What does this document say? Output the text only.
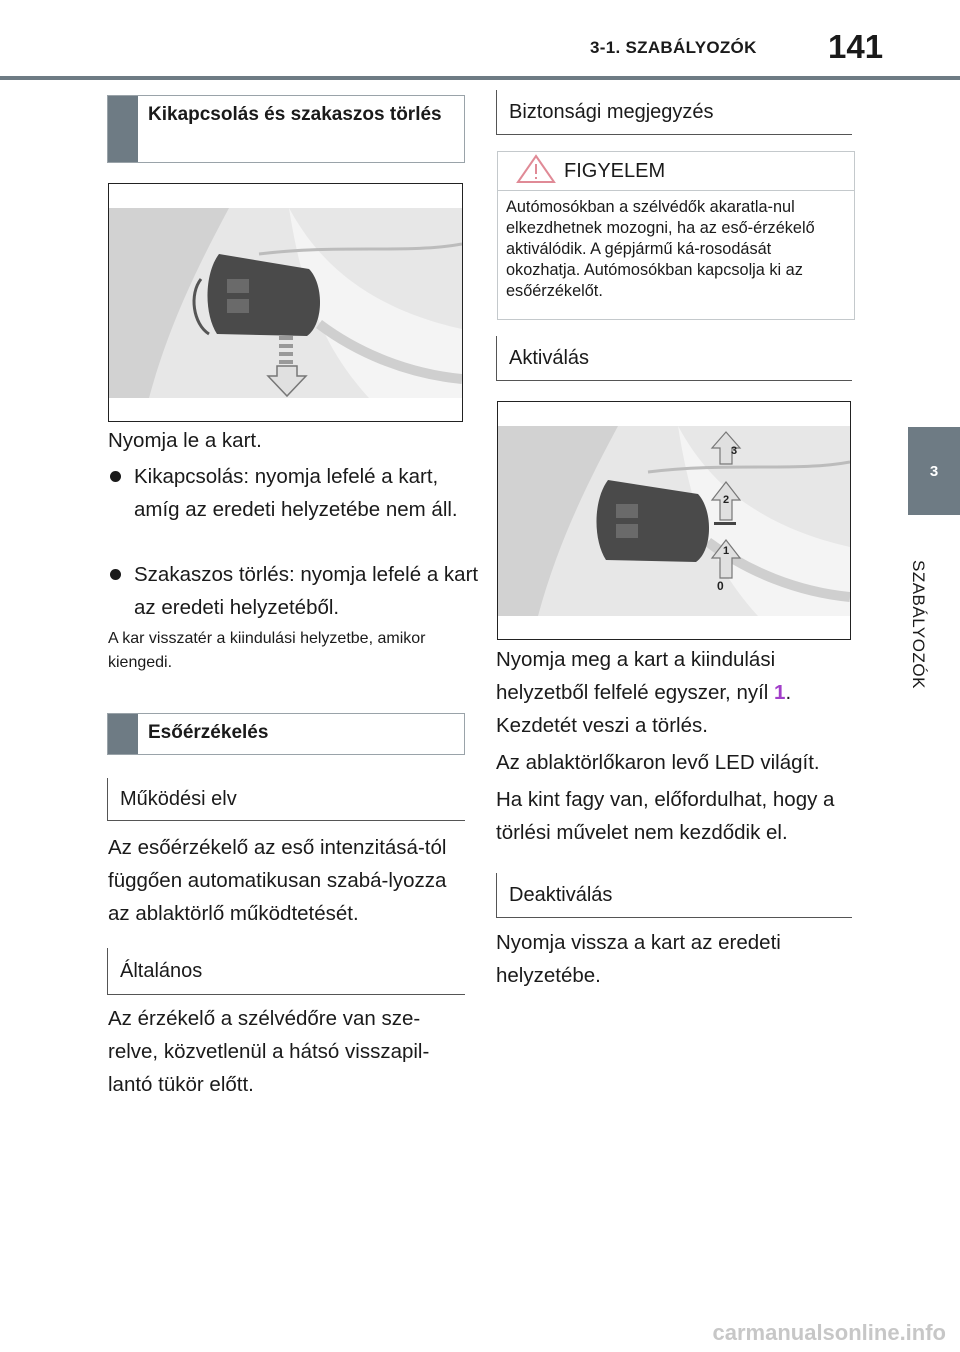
3-1. SZABÁLYOZÓK 141
3
SZABÁLYOZÓK
Kikapcsolás és szakaszos törlés

Nyomja le a kart.

Kikapcsolás: nyomja lefelé a kart, amíg az eredeti helyzetébe nem áll.
Szakaszos törlés: nyomja lefelé a kart az eredeti helyzetéből.

A kar visszatér a kiindulási helyzetbe, amikor kiengedi.

Esőérzékelés
Működési elv

Az esőérzékelő az eső intenzitásá-tól függően automatikusan szabá-lyozza az ablaktörlő működtetését.

Általános

Az érzékelő a szélvédőre van sze-relve, közvetlenül a hátsó visszapil-lantó tükör előtt.

Biztonsági megjegyzés
FIGYELEM
Autómosókban a szélvédők akaratla-nul elkezdhetnek mozogni, ha az eső-érzékelő aktiválódik. A gépjármű ká-rosodását okozhatja. Autómosókban kapcsolja ki az esőérzékelőt.
Aktiválás
3
2
1
0

Nyomja meg a kart a kiindulási helyzetből felfelé egyszer, nyíl 1.

Kezdetét veszi a törlés.

Az ablaktörlőkaron levő LED világít.

Ha kint fagy van, előfordulhat, hogy a törlési művelet nem kezdődik el.

Deaktiválás

Nyomja vissza a kart az eredeti helyzetébe.

carmanualsonline.info
